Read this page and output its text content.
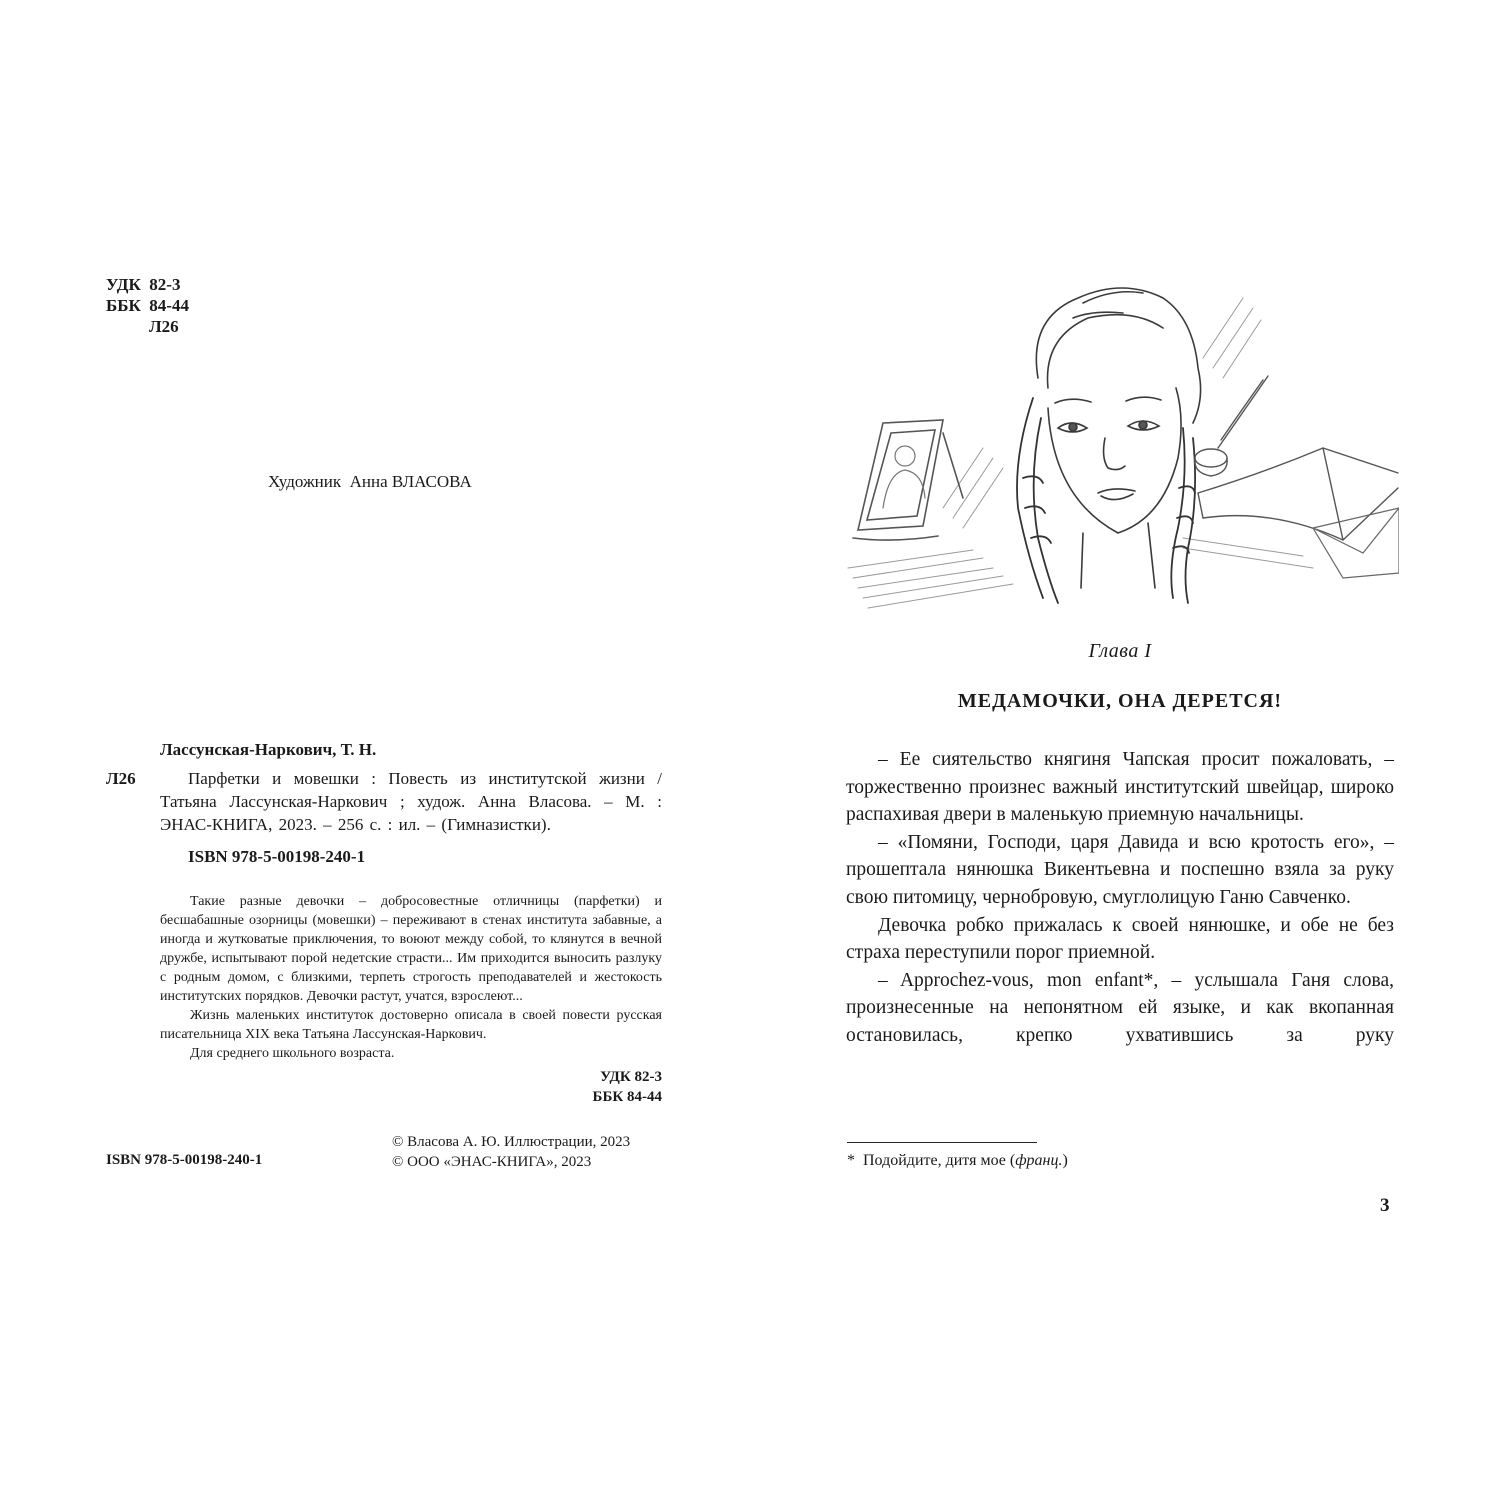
УДК  82-3
ББК  84-44
Л26
Художник  Анна ВЛАСОВА
Лассунская-Наркович, Т. Н.
Л26	Парфетки и мовешки : Повесть из институтской жизни / Татьяна Лассунская-Наркович ; худож. Анна Власова. – М. : ЭНАС-КНИГА, 2023. – 256 с. : ил. – (Гимназистки).
ISBN 978-5-00198-240-1

Такие разные девочки – добросовестные отличницы (парфетки) и бесшабашные озорницы (мовешки) – переживают в стенах института забавные, а иногда и жутковатые приключения, то воюют между собой, то клянутся в вечной дружбе, испытывают порой недетские страсти... Им приходится выносить разлуку с родным домом, с близкими, терпеть строгость преподавателей и жестокость институтских порядков. Девочки растут, учатся, взрослеют...

Жизнь маленьких институток достоверно описала в своей повести русская писательница XIX века Татьяна Лассунская-Наркович.

Для среднего школьного возраста.

УДК 82-3
ББК 84-44
© Власова А. Ю. Иллюстрации, 2023
© ООО «ЭНАС-КНИГА», 2023
ISBN 978-5-00198-240-1
Глава I
МЕДАМОЧКИ, ОНА ДЕРЕТСЯ!

– Ее сиятельство княгиня Чапская просит пожаловать, – торжественно произнес важный институтский швейцар, широко распахивая двери в маленькую приемную начальницы.

– «Помяни, Господи, царя Давида и всю кротость его», – прошептала нянюшка Викентьевна и поспешно взяла за руку свою питомицу, чернобровую, смуглолицую Ганю Савченко.

Девочка робко прижалась к своей нянюшке, и обе не без страха переступили порог приемной.

– Approchez-vous, mon enfant*, – услышала Ганя слова, произнесенные на непонятном ей языке, и как вкопанная остановилась, крепко ухватившись за руку

* Подойдите, дитя мое (франц.)
3
